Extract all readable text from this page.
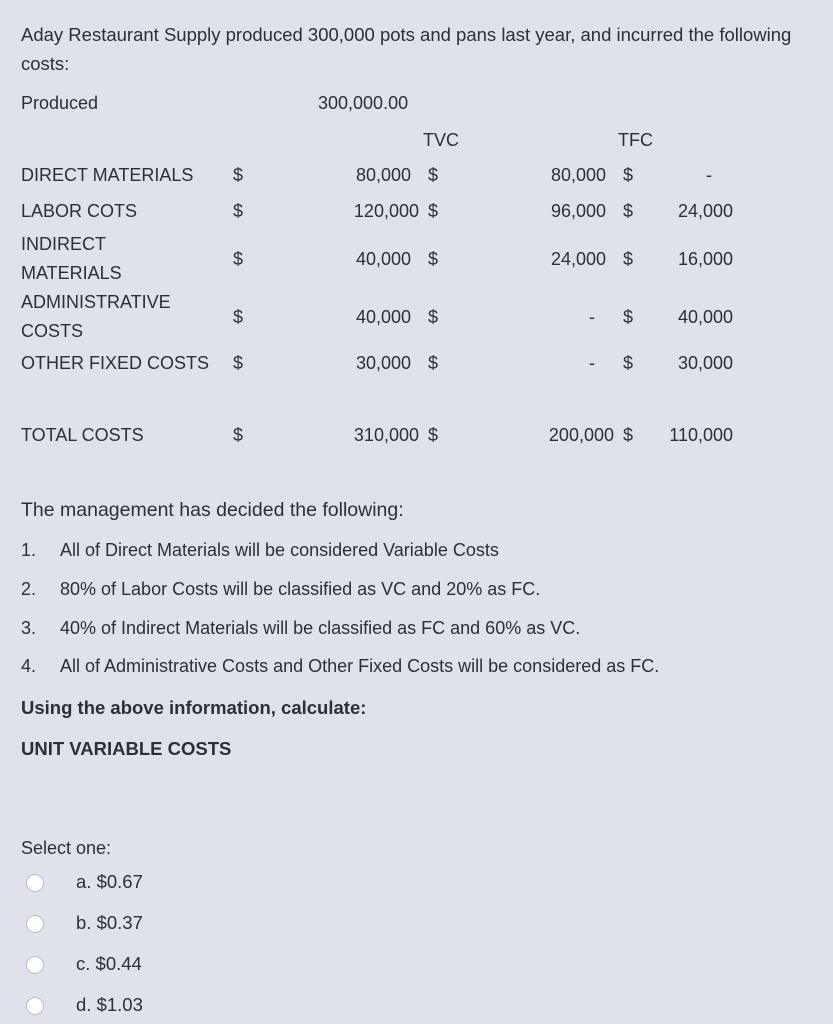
Aday Restaurant Supply produced 300,000 pots and pans last year, and incurred the following costs:
Produced	300,000.00
TVC	TFC
DIRECT MATERIALS $	80,000 $	80,000 $	-
LABOR COTS	$	120,000 $	96,000 $	24,000
INDIRECT
MATERIALS
$	40,000 $	24,000 $	16,000
ADMINISTRATIVE
COSTS
$	40,000 $	- $	40,000
OTHER FIXED COSTS $	30,000 $	- $	30,000
TOTAL COSTS	$	310,000 $	200,000 $	110,000
The management has decided the following:
1. All of Direct Materials will be considered Variable Costs
2. 80% of Labor Costs will be classified as VC and 20% as FC.
3. 40% of Indirect Materials will be classified as FC and 60% as VC.
4. All of Administrative Costs and Other Fixed Costs will be considered as FC.
Using the above information, calculate:
UNIT VARIABLE COSTS
Select one:
a. $0.67
b. $0.37
c. $0.44
d. $1.03
